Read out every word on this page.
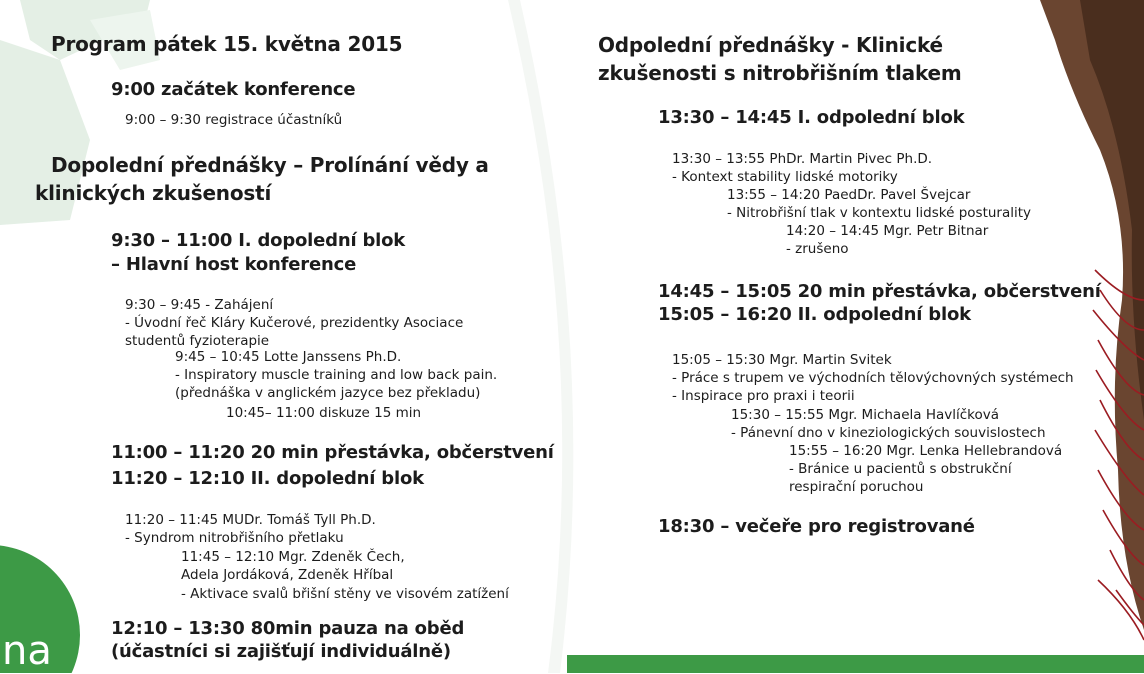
na
Program pátek 15. května 2015
9:00 začátek konference
9:00 – 9:30 registrace účastníků
Dopolední přednášky – Prolínání vědy a
klinických zkušeností
9:30 – 11:00 I. dopolední blok
– Hlavní host konference
9:30 – 9:45 - Zahájení
- Úvodní řeč Kláry Kučerové, prezidentky Asociace
studentů fyzioterapie
9:45 – 10:45 Lotte Janssens Ph.D.
- Inspiratory muscle training and low back pain.
(přednáška v anglickém jazyce bez překladu)
10:45– 11:00 diskuze 15 min
11:00 – 11:20 20 min přestávka, občerstvení
11:20 – 12:10 II. dopolední blok
11:20 – 11:45 MUDr. Tomáš Tyll Ph.D.
- Syndrom nitrobřišního přetlaku
11:45 – 12:10 Mgr. Zdeněk Čech,
Adela Jordáková, Zdeněk Hříbal
- Aktivace svalů břišní stěny ve visovém zatížení
12:10 – 13:30 80min pauza na oběd
(účastníci si zajišťují individuálně)
Odpolední přednášky - Klinické
zkušenosti s nitrobřišním tlakem
13:30 – 14:45 I. odpolední blok
13:30 – 13:55 PhDr. Martin Pivec Ph.D.
- Kontext stability lidské motoriky
13:55 – 14:20 PaedDr. Pavel Švejcar
- Nitrobřišní tlak v kontextu lidské posturality
14:20 – 14:45 Mgr. Petr Bitnar
- zrušeno
14:45 – 15:05 20 min přestávka, občerstvení
15:05 – 16:20 II. odpolední blok
15:05 – 15:30 Mgr. Martin Svitek
- Práce s trupem ve východních tělovýchovných systémech
- Inspirace pro praxi i teorii
15:30 – 15:55 Mgr. Michaela Havlíčková
- Pánevní dno v kineziologických souvislostech
15:55 – 16:20 Mgr. Lenka Hellebrandová
- Bránice u pacientů s obstrukční
respirační poruchou
18:30 – večeře pro registrované
